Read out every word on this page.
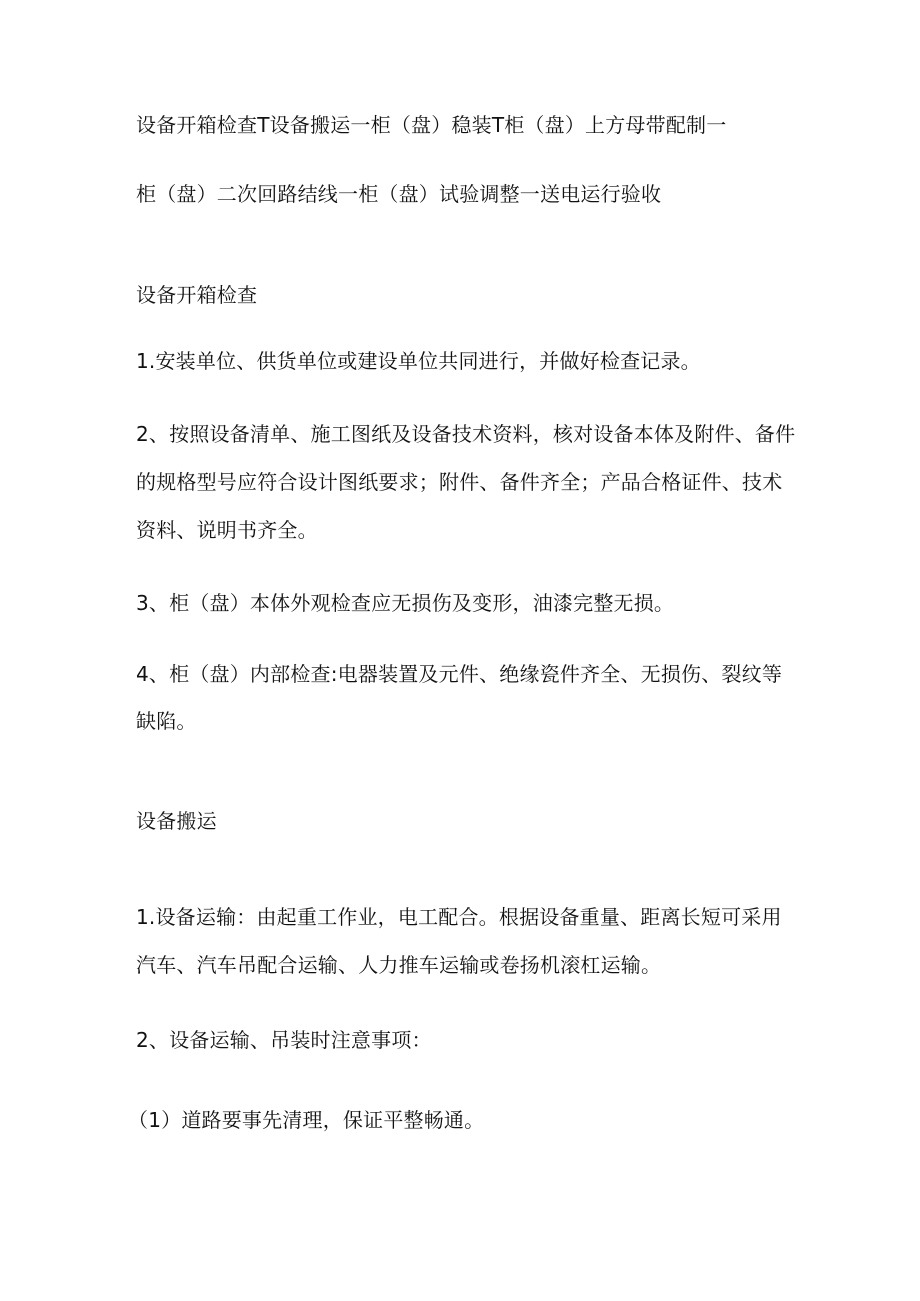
设备开箱检查T设备搬运一柜（盘）稳装T柜（盘）上方母带配制一
柜（盘）二次回路结线一柜（盘）试验调整一送电运行验收
设备开箱检查
1.安装单位、供货单位或建设单位共同进行，并做好检查记录。
2、按照设备清单、施工图纸及设备技术资料，核对设备本体及附件、备件
的规格型号应符合设计图纸要求；附件、备件齐全；产品合格证件、技术
资料、说明书齐全。
3、柜（盘）本体外观检查应无损伤及变形，油漆完整无损。
4、柜（盘）内部检查:电器装置及元件、绝缘瓷件齐全、无损伤、裂纹等
缺陷。
设备搬运
1.设备运输：由起重工作业，电工配合。根据设备重量、距离长短可采用
汽车、汽车吊配合运输、人力推车运输或卷扬机滚杠运输。
2、设备运输、吊装时注意事项：
（1）道路要事先清理，保证平整畅通。
